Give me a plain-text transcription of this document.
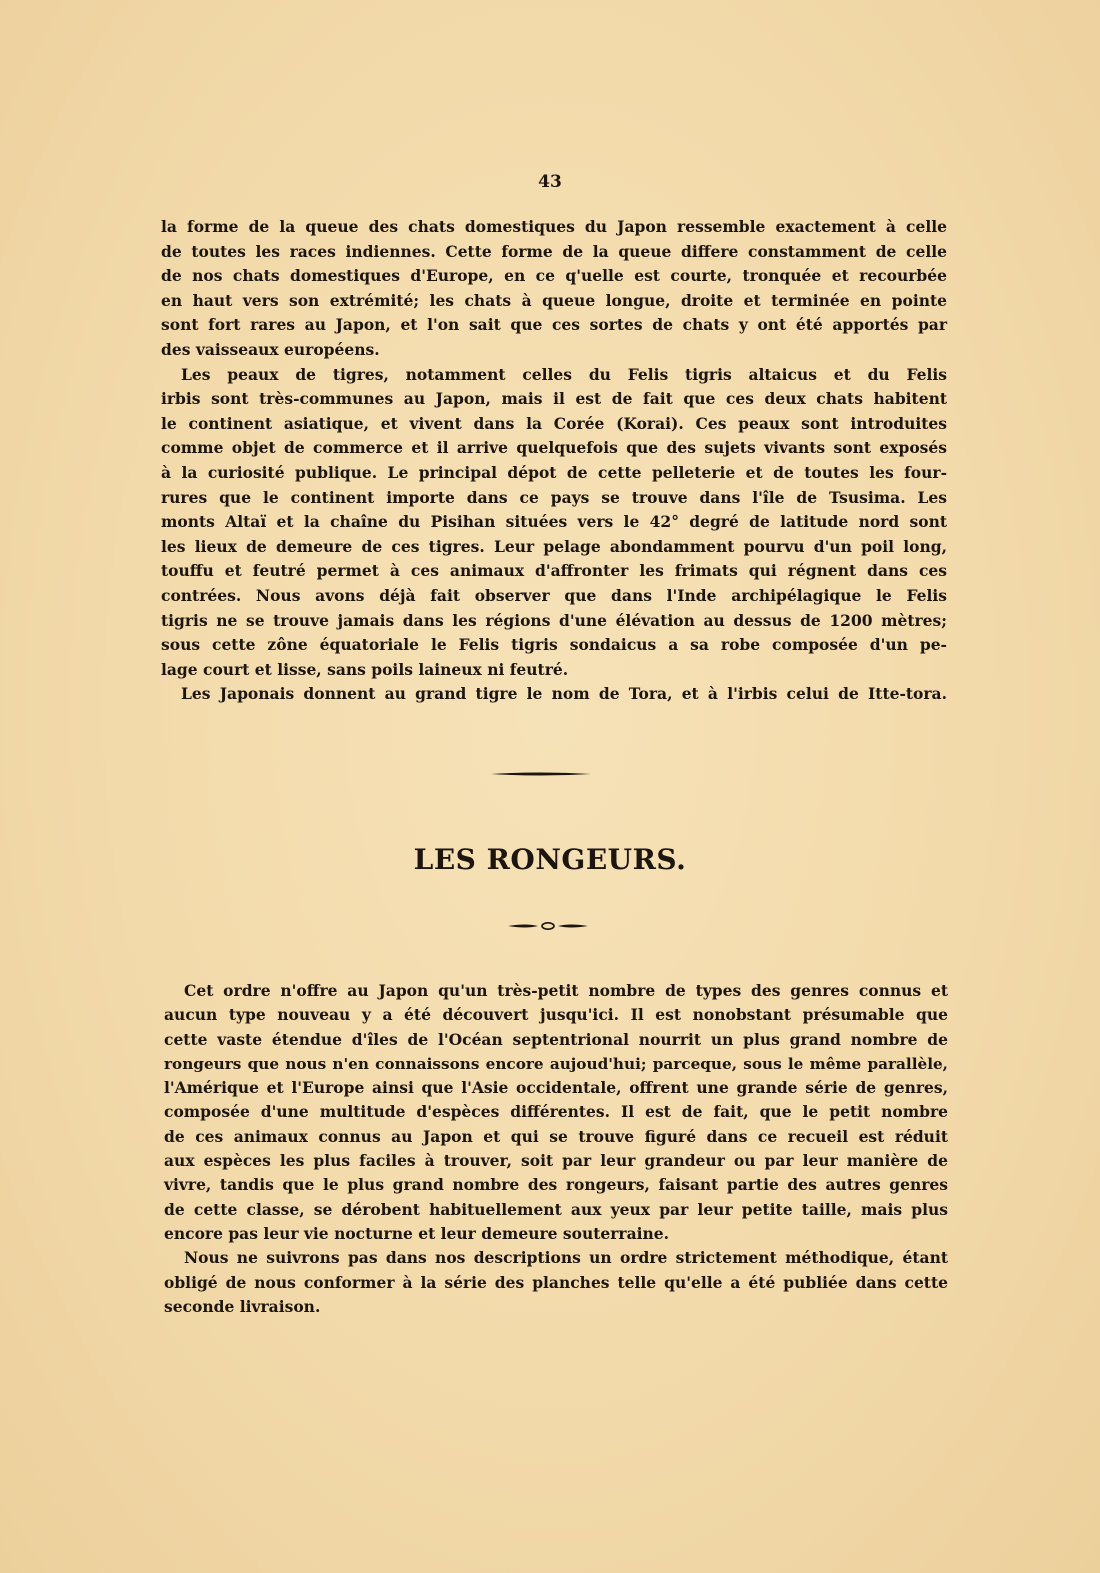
43
la forme de la queue des chats domestiques du Japon ressemble exactement à celle
de toutes les races indiennes. Cette forme de la queue differe constamment de celle
de nos chats domestiques d'Europe, en ce q'uelle est courte, tronquée et recourbée
en haut vers son extrémité; les chats à queue longue, droite et terminée en pointe
sont fort rares au Japon, et l'on sait que ces sortes de chats y ont été apportés par
des vaisseaux européens.
Les peaux de tigres, notamment celles du Felis tigris altaicus et du Felis
irbis sont très-communes au Japon, mais il est de fait que ces deux chats habitent
le continent asiatique, et vivent dans la Corée (Korai). Ces peaux sont introduites
comme objet de commerce et il arrive quelquefois que des sujets vivants sont exposés
à la curiosité publique. Le principal dépot de cette pelleterie et de toutes les four-
rures que le continent importe dans ce pays se trouve dans l'île de Tsusima. Les
monts Altaï et la chaîne du Pisihan situées vers le 42° degré de latitude nord sont
les lieux de demeure de ces tigres. Leur pelage abondamment pourvu d'un poil long,
touffu et feutré permet à ces animaux d'affronter les frimats qui régnent dans ces
contrées. Nous avons déjà fait observer que dans l'Inde archipélagique le Felis
tigris ne se trouve jamais dans les régions d'une élévation au dessus de 1200 mètres;
sous cette zône équatoriale le Felis tigris sondaicus a sa robe composée d'un pe-
lage court et lisse, sans poils laineux ni feutré.
Les Japonais donnent au grand tigre le nom de Tora, et à l'irbis celui de Itte-tora.
LES RONGEURS.
Cet ordre n'offre au Japon qu'un très-petit nombre de types des genres connus et
aucun type nouveau y a été découvert jusqu'ici. Il est nonobstant présumable que
cette vaste étendue d'îles de l'Océan septentrional nourrit un plus grand nombre de
rongeurs que nous n'en connaissons encore aujoud'hui; parceque, sous le même parallèle,
l'Amérique et l'Europe ainsi que l'Asie occidentale, offrent une grande série de genres,
composée d'une multitude d'espèces différentes. Il est de fait, que le petit nombre
de ces animaux connus au Japon et qui se trouve figuré dans ce recueil est réduit
aux espèces les plus faciles à trouver, soit par leur grandeur ou par leur manière de
vivre, tandis que le plus grand nombre des rongeurs, faisant partie des autres genres
de cette classe, se dérobent habituellement aux yeux par leur petite taille, mais plus
encore pas leur vie nocturne et leur demeure souterraine.
Nous ne suivrons pas dans nos descriptions un ordre strictement méthodique, étant
obligé de nous conformer à la série des planches telle qu'elle a été publiée dans cette
seconde livraison.
